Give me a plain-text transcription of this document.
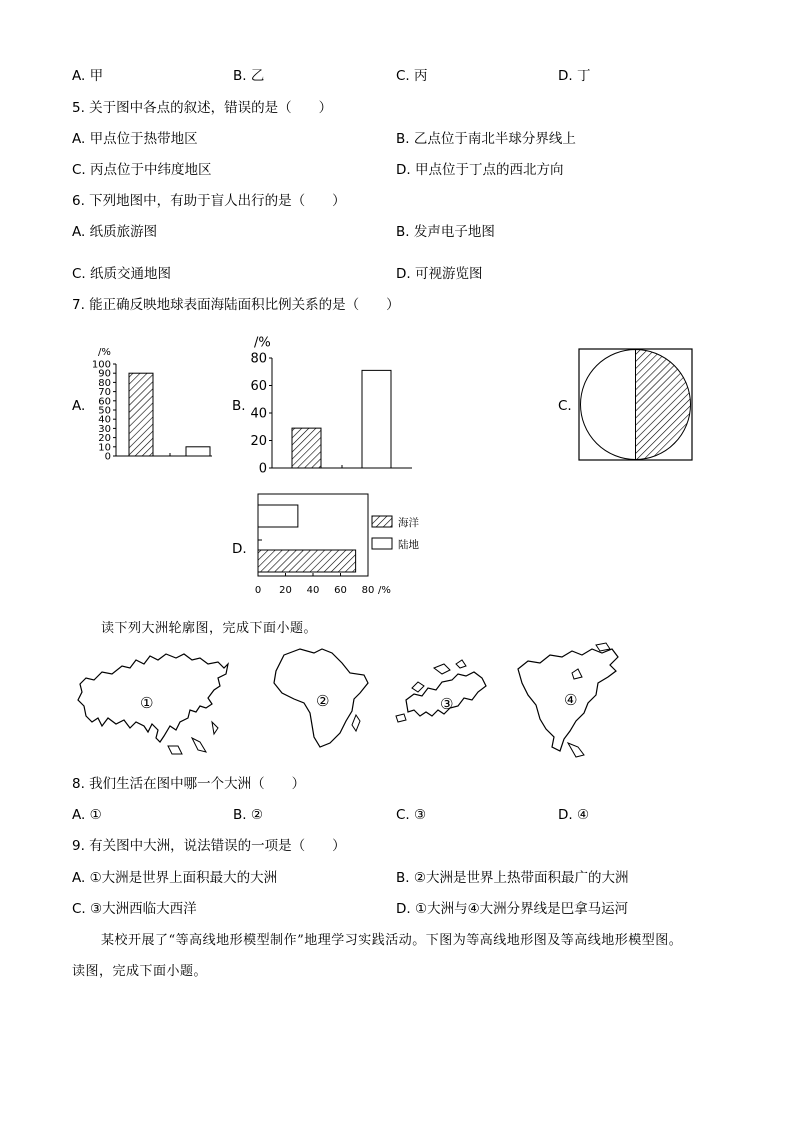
A. 甲	B. 乙	C. 丙	D. 丁
5. 关于图中各点的叙述，错误的是（　　）
A. 甲点位于热带地区	B. 乙点位于南北半球分界线上
C. 丙点位于中纬度地区	D. 甲点位于丁点的西北方向
6. 下列地图中，有助于盲人出行的是（　　）
A. 纸质旅游图	B. 发声电子地图
C. 纸质交通地图	D. 可视游览图
7. 能正确反映地球表面海陆面积比例关系的是（　　）
A.
0
10
20
30
40
50
60
70
80
90
100
/%
B.
0
20
40
60
80
/%
C.
D.
0 20 40 60 80 /%
海洋
陆地
读下列大洲轮廓图，完成下面小题。
①	②	③	④
8. 我们生活在图中哪一个大洲（　　）
A. ①	B. ②	C. ③	D. ④
9. 有关图中大洲，说法错误的一项是（　　）
A. ①大洲是世界上面积最大的大洲	B. ②大洲是世界上热带面积最广的大洲
C. ③大洲西临大西洋	D. ①大洲与④大洲分界线是巴拿马运河
某校开展了“等高线地形模型制作”地理学习实践活动。下图为等高线地形图及等高线地形模型图。
读图，完成下面小题。
